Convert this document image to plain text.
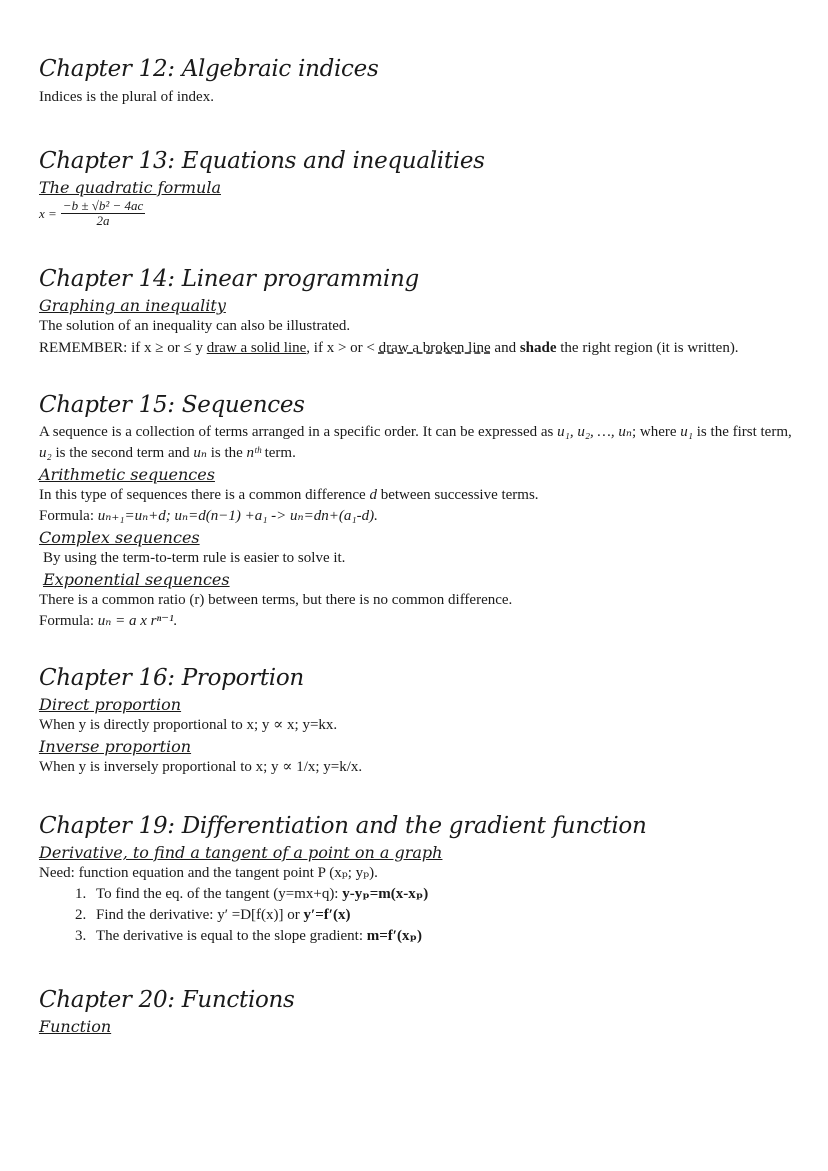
Chapter 12: Algebraic indices

Indices is the plural of index.

Chapter 13: Equations and inequalities

The quadratic formula

$x = \frac{\text{−b ± √b² − 4ac}}{2a}$
Chapter 14: Linear programming

Graphing an inequality

The solution of an inequality can also be illustrated.

REMEMBER: if x ≥ or ≤ y draw a solid line, if x > or < draw a broken line and shade the right region (it is written).

Chapter 15: Sequences

A sequence is a collection of terms arranged in a specific order. It can be expressed as u₁, u₂, …, uₙ; where u₁ is the first term, u₂ is the second term and uₙ is the nᵗʰ term.

Arithmetic sequences

In this type of sequences there is a common difference d between successive terms.

Formula: uₙ₊₁=uₙ+d; uₙ=d(n−1) +a₁ -> uₙ=dn+(a₁-d).

Complex sequences

By using the term-to-term rule is easier to solve it.

Exponential sequences

There is a common ratio (r) between terms, but there is no common difference.

Formula: uₙ = a x rⁿ⁻¹.

Chapter 16: Proportion

Direct proportion

When y is directly proportional to x; y ∝ x; y=kx.

Inverse proportion

When y is inversely proportional to x; y ∝ 1/x; y=k/x.

Chapter 19: Differentiation and the gradient function

Derivative, to find a tangent of a point on a graph

Need: function equation and the tangent point P (xₚ; yₚ).

1. To find the eq. of the tangent (y=mx+q): y-yₚ=m(x-xₚ)
2. Find the derivative: y′ =D[f(x)] or y′=f′(x)
3. The derivative is equal to the slope gradient: m=f′(xₚ)
Chapter 20: Functions

Function
